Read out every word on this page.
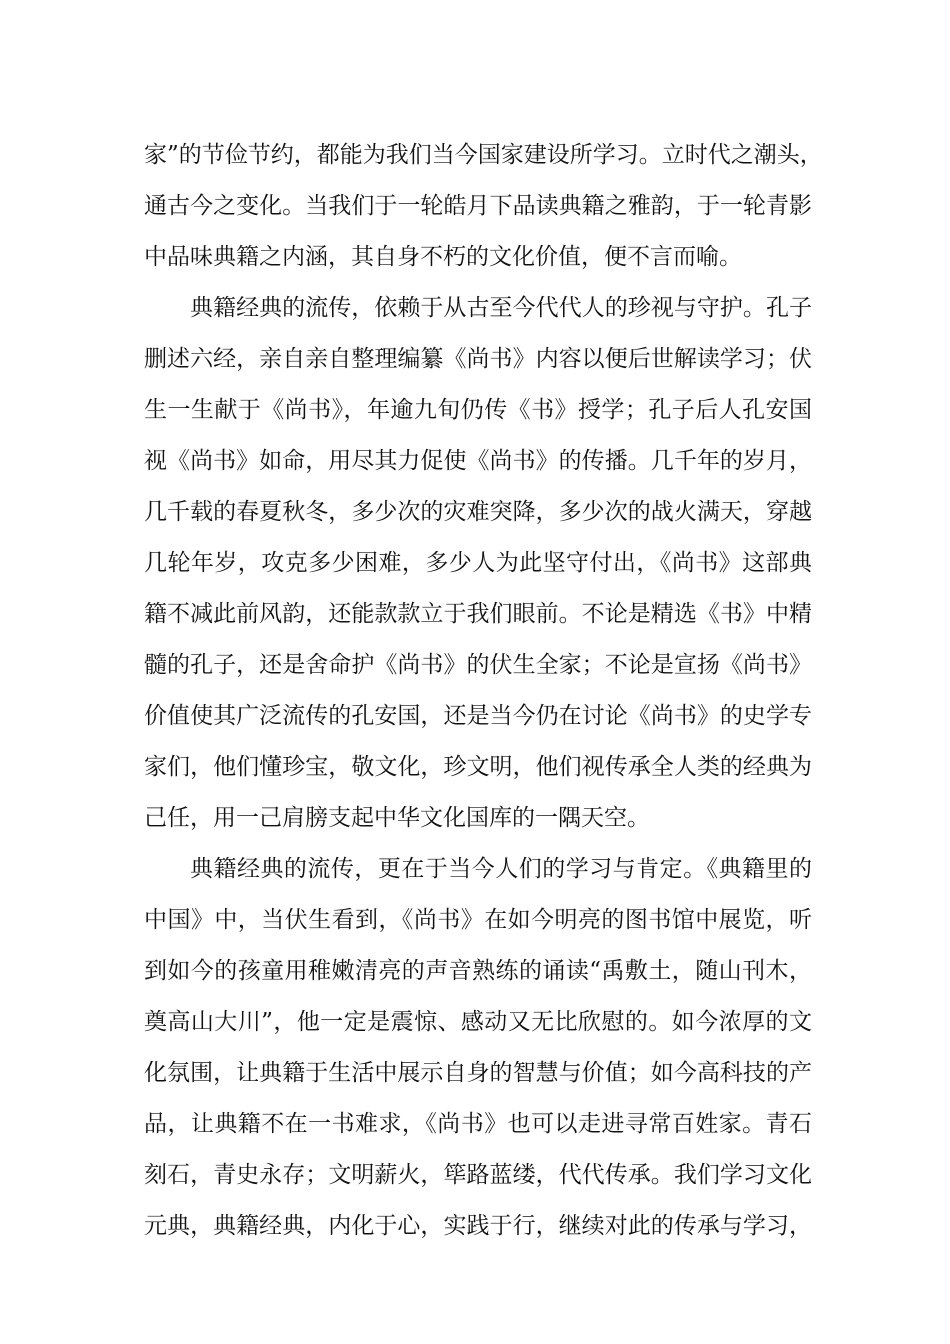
家”的节俭节约，都能为我们当今国家建设所学习。立时代之潮头，
通古今之变化。当我们于一轮皓月下品读典籍之雅韵，于一轮青影
中品味典籍之内涵，其自身不朽的文化价值，便不言而喻。
典籍经典的流传，依赖于从古至今代代人的珍视与守护。孔子
删述六经，亲自亲自整理编纂《尚书》内容以便后世解读学习；伏
生一生献于《尚书》，年逾九旬仍传《书》授学；孔子后人孔安国
视《尚书》如命，用尽其力促使《尚书》的传播。几千年的岁月，
几千载的春夏秋冬，多少次的灾难突降，多少次的战火满天，穿越
几轮年岁，攻克多少困难，多少人为此坚守付出，《尚书》这部典
籍不减此前风韵，还能款款立于我们眼前。不论是精选《书》中精
髓的孔子，还是舍命护《尚书》的伏生全家；不论是宣扬《尚书》
价值使其广泛流传的孔安国，还是当今仍在讨论《尚书》的史学专
家们，他们懂珍宝，敬文化，珍文明，他们视传承全人类的经典为
己任，用一己肩膀支起中华文化国库的一隅天空。
典籍经典的流传，更在于当今人们的学习与肯定。《典籍里的
中国》中，当伏生看到，《尚书》在如今明亮的图书馆中展览，听
到如今的孩童用稚嫩清亮的声音熟练的诵读“禹敷土，随山刊木，
奠高山大川”，他一定是震惊、感动又无比欣慰的。如今浓厚的文
化氛围，让典籍于生活中展示自身的智慧与价值；如今高科技的产
品，让典籍不在一书难求，《尚书》也可以走进寻常百姓家。青石
刻石，青史永存；文明薪火，筚路蓝缕，代代传承。我们学习文化
元典，典籍经典，内化于心，实践于行，继续对此的传承与学习，
